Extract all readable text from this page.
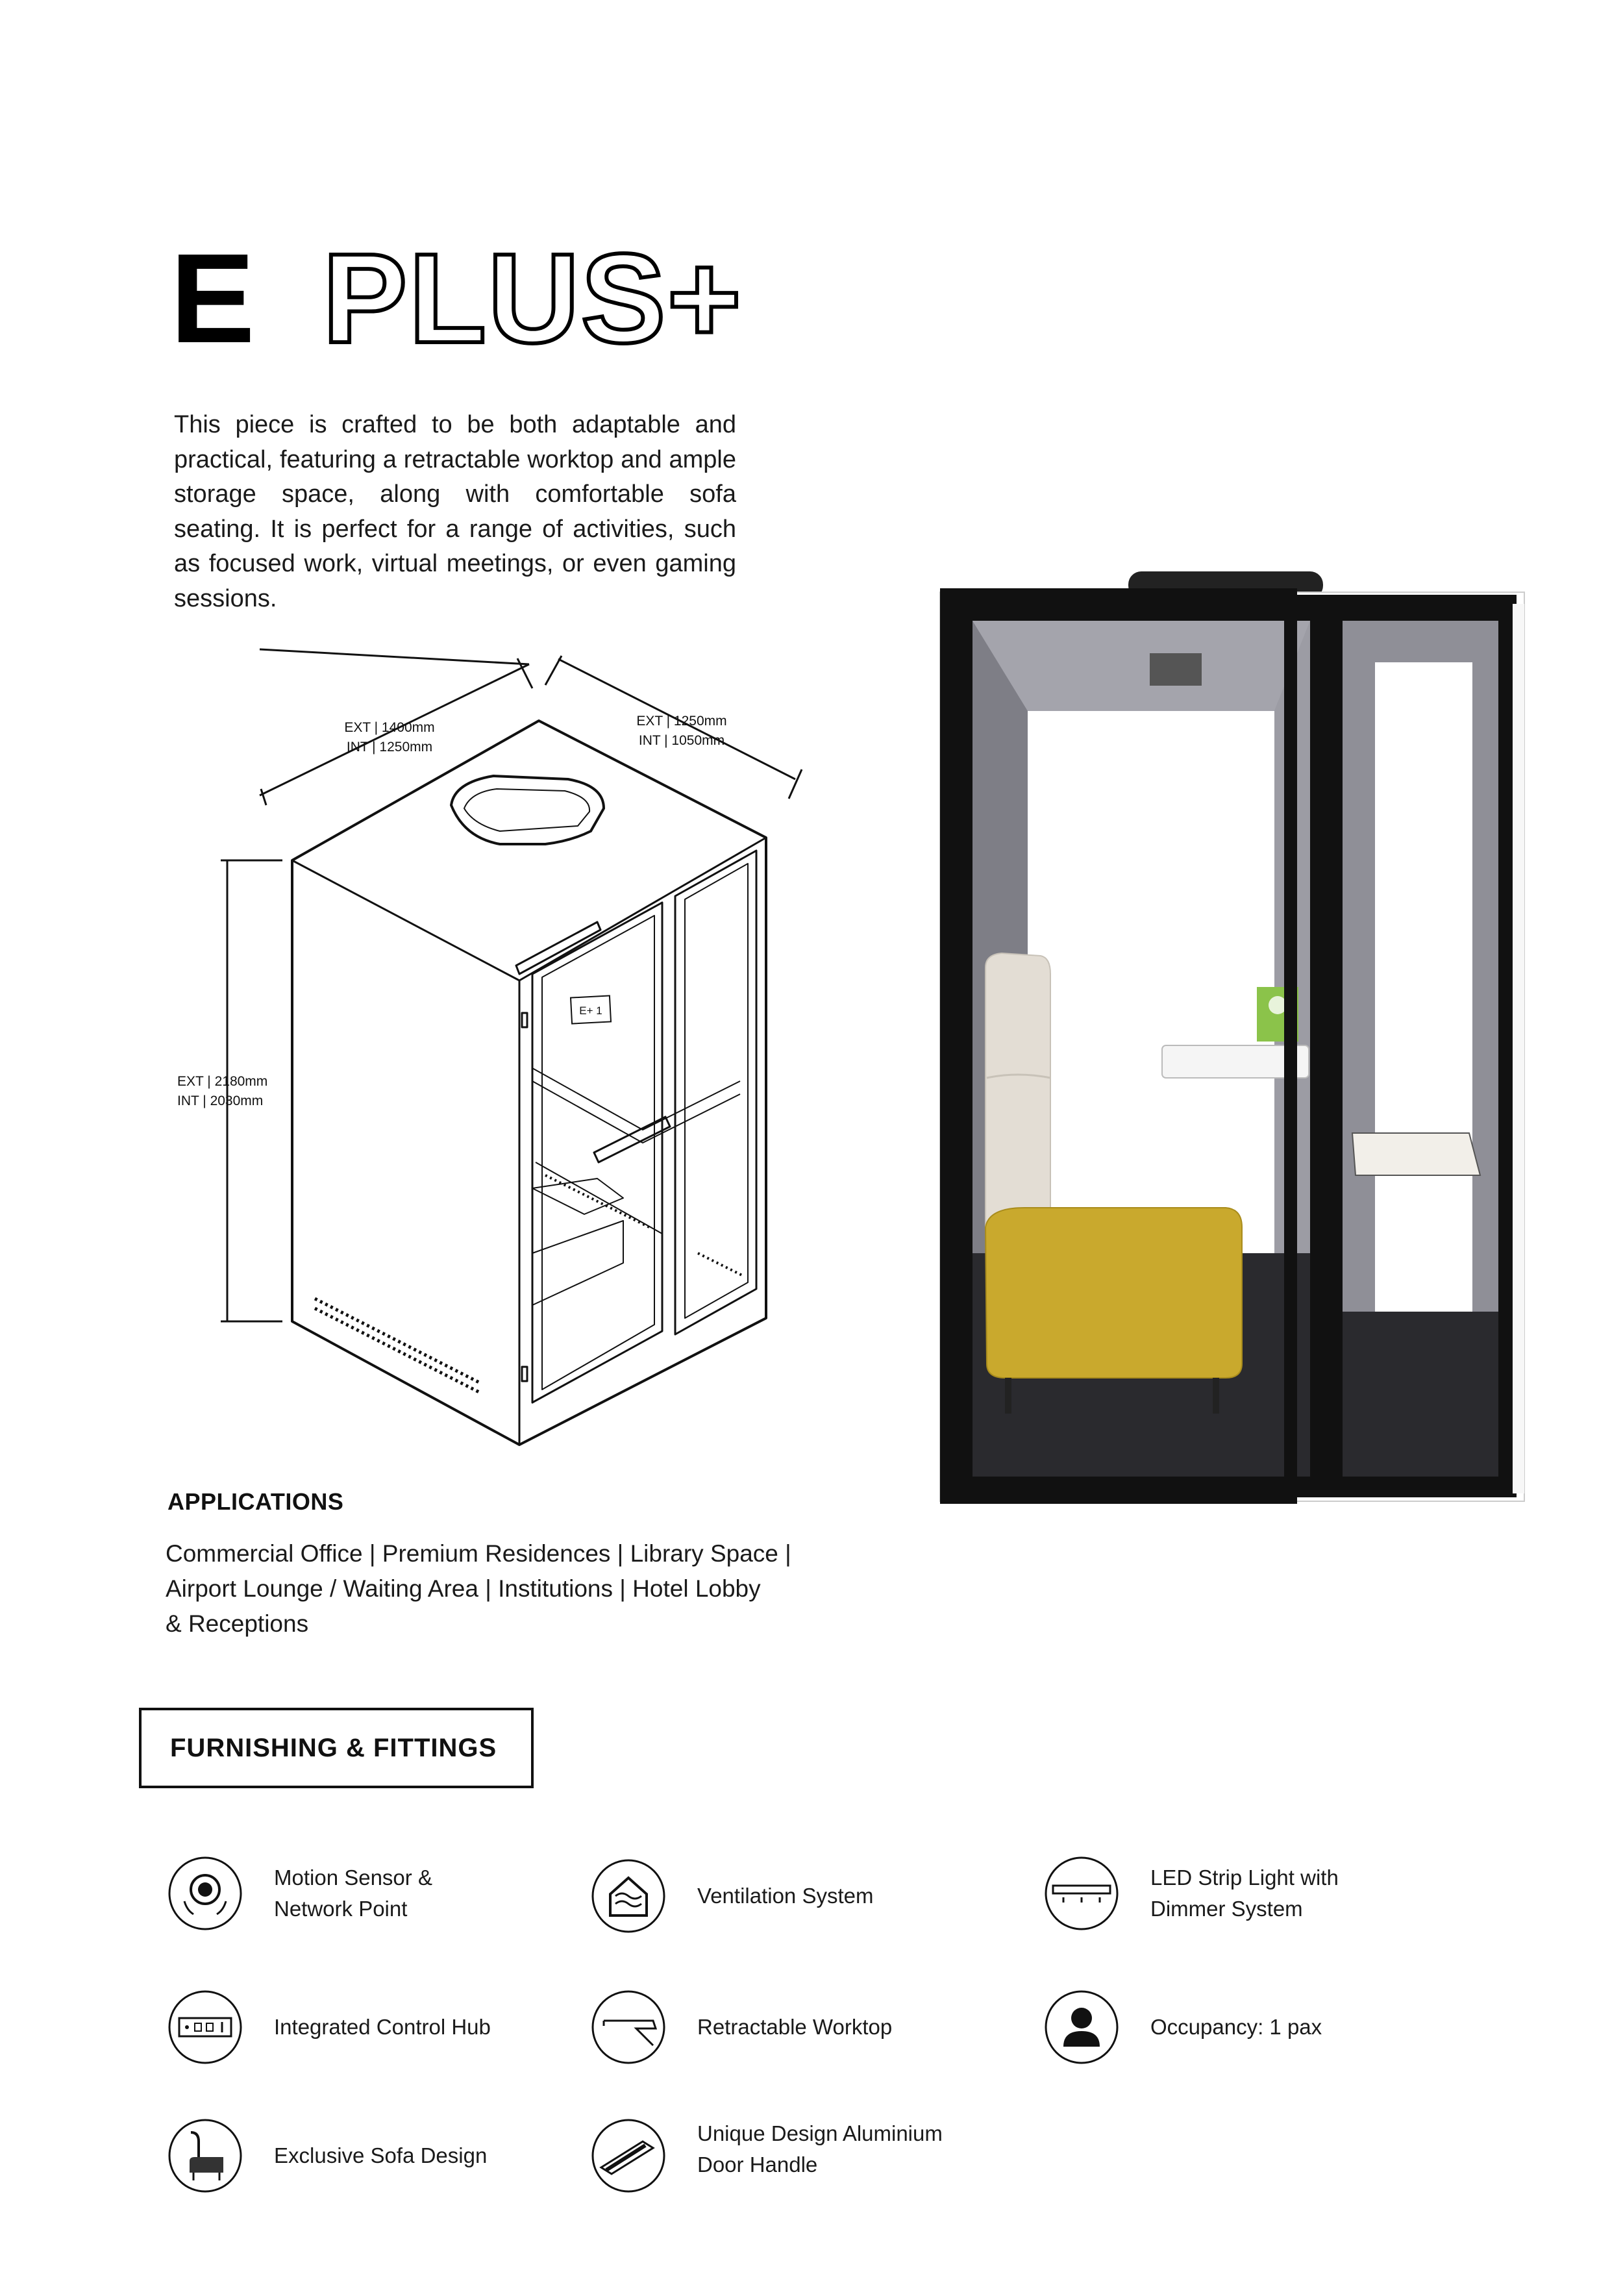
E PLUS+
This piece is crafted to be both adaptable and practical, featuring a retractable worktop and ample storage space, along with comfortable sofa seating. It is perfect for a range of activities, such as focused work, virtual meetings, or even gaming sessions.
E+ 1
EXT | 1400mm
INT | 1250mm
EXT | 1250mm
INT | 1050mm
EXT | 2180mm
INT | 2030mm
APPLICATIONS
Commercial Office | Premium Residences | Library Space |
Airport Lounge / Waiting Area | Institutions | Hotel Lobby
& Receptions
FURNISHING & FITTINGS
Motion Sensor &
Network Point
Ventilation System
LED Strip Light with
Dimmer System
Integrated Control Hub	Retractable Worktop	Occupancy: 1 pax
Exclusive Sofa Design
Unique Design Aluminium
Door Handle
